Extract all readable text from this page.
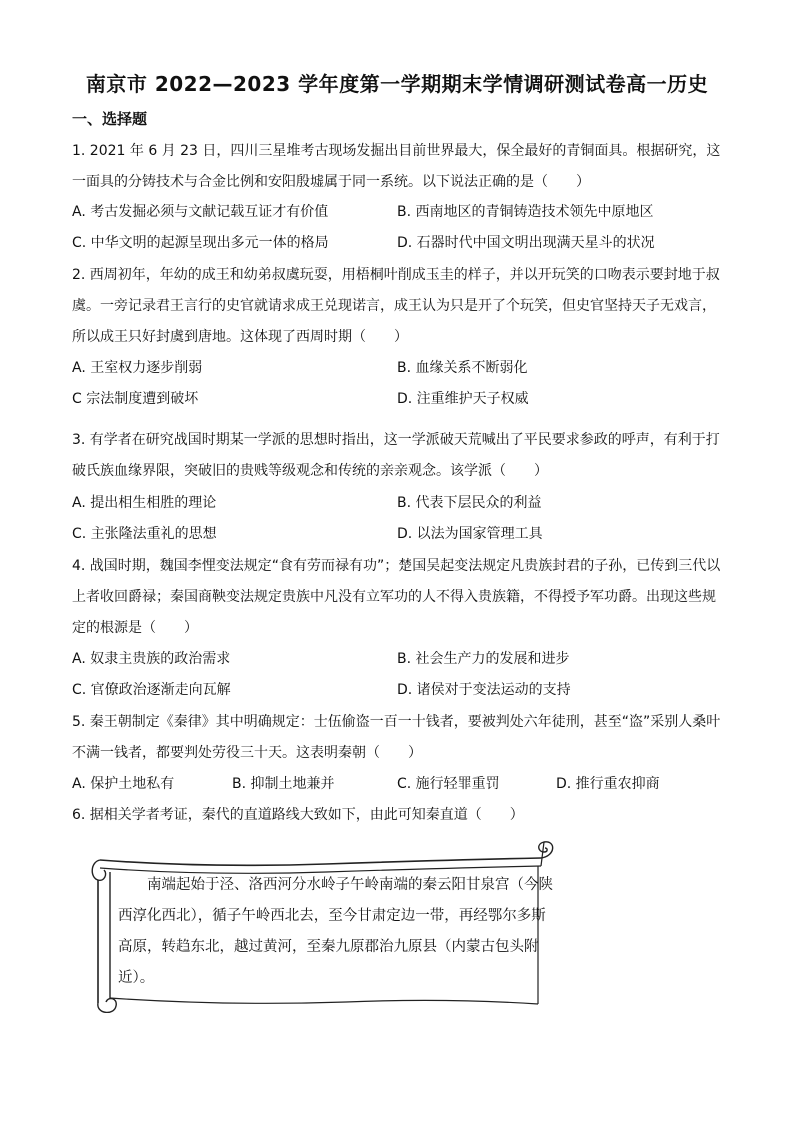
南京市 2022—2023 学年度第一学期期末学情调研测试卷高一历史
一、选择题
1. 2021 年 6 月 23 日，四川三星堆考古现场发掘出目前世界最大，保全最好的青铜面具。根据研究，这一面具的分铸技术与合金比例和安阳殷墟属于同一系统。以下说法正确的是（　　）
A. 考古发掘必须与文献记载互证才有价值	B. 西南地区的青铜铸造技术领先中原地区
C. 中华文明的起源呈现出多元一体的格局	D. 石器时代中国文明出现满天星斗的状况
2. 西周初年，年幼的成王和幼弟叔虞玩耍，用梧桐叶削成玉圭的样子，并以开玩笑的口吻表示要封地于叔虞。一旁记录君王言行的史官就请求成王兑现诺言，成王认为只是开了个玩笑，但史官坚持天子无戏言，所以成王只好封虞到唐地。这体现了西周时期（　　）
A. 王室权力逐步削弱	B. 血缘关系不断弱化
C 宗法制度遭到破坏	D. 注重维护天子权威
3. 有学者在研究战国时期某一学派的思想时指出，这一学派破天荒喊出了平民要求参政的呼声，有利于打破氏族血缘界限，突破旧的贵贱等级观念和传统的亲亲观念。该学派（　　）
A. 提出相生相胜的理论	B. 代表下层民众的利益
C. 主张隆法重礼的思想	D. 以法为国家管理工具
4. 战国时期，魏国李悝变法规定“食有劳而禄有功”；楚国吴起变法规定凡贵族封君的子孙，已传到三代以上者收回爵禄；秦国商鞅变法规定贵族中凡没有立军功的人不得入贵族籍，不得授予军功爵。出现这些规定的根源是（　　）
A. 奴隶主贵族的政治需求	B. 社会生产力的发展和进步
C. 官僚政治逐渐走向瓦解	D. 诸侯对于变法运动的支持
5. 秦王朝制定《秦律》其中明确规定：士伍偷盗一百一十钱者，要被判处六年徒刑，甚至“盗”采别人桑叶不满一钱者，都要判处劳役三十天。这表明秦朝（　　）
A. 保护土地私有	B. 抑制土地兼并	C. 施行轻罪重罚	D. 推行重农抑商
6. 据相关学者考证，秦代的直道路线大致如下，由此可知秦直道（　　）
南端起始于泾、洛西河分水岭子午岭南端的秦云阳甘泉宫（今陕西淳化西北），循子午岭西北去，至今甘肃定边一带，再经鄂尔多斯高原，转趋东北，越过黄河，至秦九原郡治九原县（内蒙古包头附近）。
